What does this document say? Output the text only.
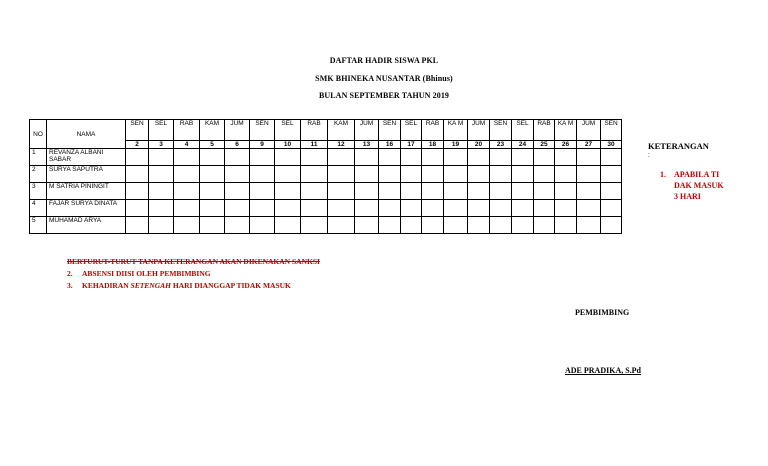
DAFTAR HADIR SISWA PKL
SMK BHINEKA NUSANTAR (Bhinus)
BULAN SEPTEMBER TAHUN 2019
NO	NAMA	SEN	SEL	RAB	KAM	JUM	SEN	SEL	RAB	KAM	JUM	SEN	SEL	RAB	KA M	JUM	SEN	SEL	RAB	KA M	JUM	SEN
		2	3	4	5	6	9	10	11	12	13	16	17	18	19	20	23	24	25	26	27	30
1	REVANZA ALBANI SABAR																					
2	SURYA SAPUTRA																					
3	M SATRIA PININGIT																					
4	FAJAR SURYA DINATA																					
5	MUHAMAD ARYA																					
KETERANGAN
:
1. APABILA TIDAK MASUK 3 HARI
BERTURUT-TURUT TANPA KETERANGAN AKAN DIKENAKAN SANKSI
2. ABSENSI DIISI OLEH PEMBIMBING
3. KEHADIRAN SETENGAH HARI DIANGGAP TIDAK MASUK
PEMBIMBING
ADE PRADIKA, S.Pd
